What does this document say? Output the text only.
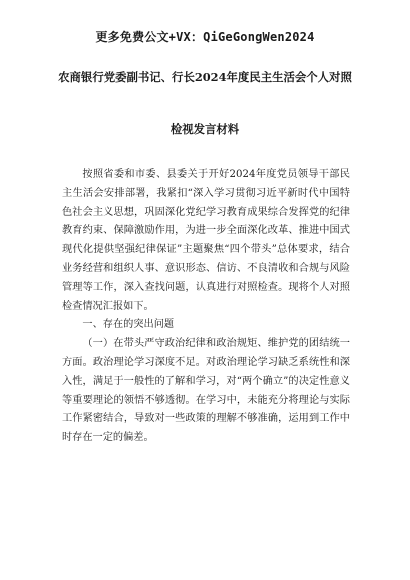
更多免费公文+VX：QiGeGongWen2024
农商银行党委副书记、行长2024年度民主生活会个人对照
检视发言材料

按照省委和市委、县委关于开好2024年度党员领导干部民主生活会安排部署，我紧扣“深入学习贯彻习近平新时代中国特色社会主义思想，巩固深化党纪学习教育成果综合发挥党的纪律教育约束、保障激励作用，为进一步全面深化改革、推进中国式现代化提供坚强纪律保证”主题聚焦“四个带头”总体要求，结合业务经营和组织人事、意识形态、信访、不良清收和合规与风险管理等工作，深入查找问题，认真进行对照检查。现将个人对照检查情况汇报如下。

一、存在的突出问题

（一）在带头严守政治纪律和政治规矩、维护党的团结统一方面。政治理论学习深度不足。对政治理论学习缺乏系统性和深入性，满足于一般性的了解和学习，对“两个确立”的决定性意义等重要理论的领悟不够透彻。在学习中，未能充分将理论与实际工作紧密结合，导致对一些政策的理解不够准确，运用到工作中时存在一定的偏差。
